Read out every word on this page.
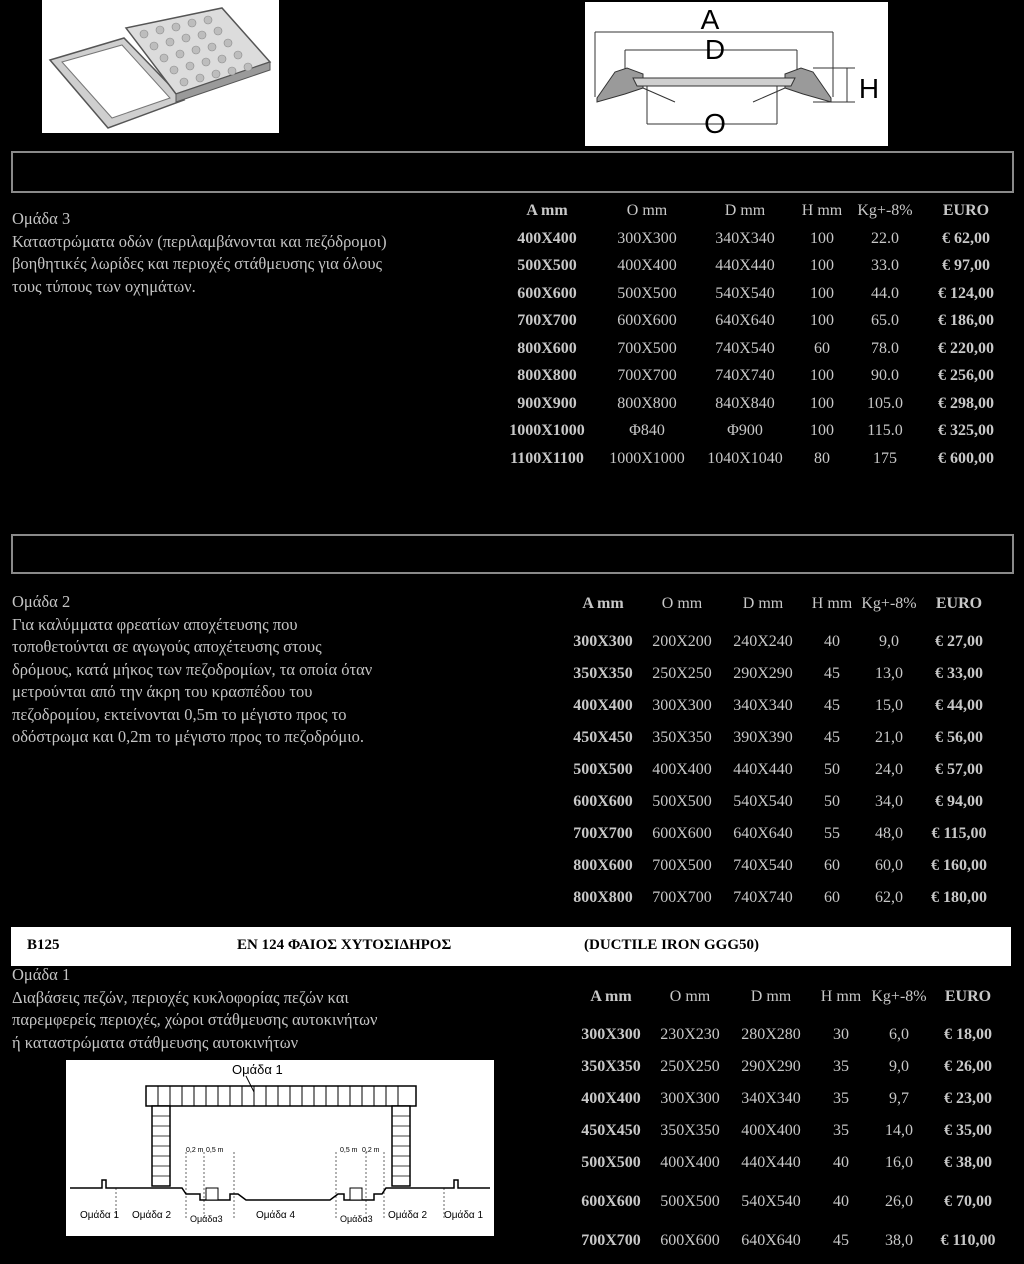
A
D
H
O
Ομάδα 3
Καταστρώματα οδών (περιλαμβάνονται και πεζόδρομοι)
βοηθητικές λωρίδες και περιοχές στάθμευσης για όλους
τους τύπους των οχημάτων.
A mm	O mm	D mm	H mm	Kg+-8%	EURO
400X400	300X300	340X340	100	22.0	€ 62,00
500X500	400X400	440X440	100	33.0	€ 97,00
600X600	500X500	540X540	100	44.0	€ 124,00
700X700	600X600	640X640	100	65.0	€ 186,00
800X600	700X500	740X540	60	78.0	€ 220,00
800X800	700X700	740X740	100	90.0	€ 256,00
900X900	800X800	840X840	100	105.0	€ 298,00
1000X1000	Φ840	Φ900	100	115.0	€ 325,00
1100X1100	1000X1000	1040X1040	80	175	€ 600,00
Ομάδα 2
Για καλύμματα φρεατίων αποχέτευσης που
τοποθετούνται σε αγωγούς αποχέτευσης στους
δρόμους, κατά μήκος των πεζοδρομίων, τα οποία όταν
μετρούνται από την άκρη του κρασπέδου του
πεζοδρομίου, εκτείνονται 0,5m το μέγιστο προς το
οδόστρωμα και 0,2m το μέγιστο προς το πεζοδρόμιο.
A mm	O mm	D mm	H mm	Kg+-8%	EURO
300X300	200X200	240X240	40	9,0	€ 27,00
350X350	250X250	290X290	45	13,0	€ 33,00
400X400	300X300	340X340	45	15,0	€ 44,00
450X450	350X350	390X390	45	21,0	€ 56,00
500X500	400X400	440X440	50	24,0	€ 57,00
600X600	500X500	540X540	50	34,0	€ 94,00
700X700	600X600	640X640	55	48,0	€ 115,00
800X600	700X500	740X540	60	60,0	€ 160,00
800X800	700X700	740X740	60	62,0	€ 180,00
B125	EN 124 ΦΑΙΟΣ ΧΥΤΟΣΙΔΗΡΟΣ	(DUCTILE IRON GGG50)
Ομάδα 1
Διαβάσεις πεζών, περιοχές κυκλοφορίας πεζών και
παρεμφερείς περιοχές, χώροι στάθμευσης αυτοκινήτων
ή καταστρώματα στάθμευσης αυτοκινήτων
Ομάδα 1
0,2 m 0,5 m	0,5 m 0,2 m
Ομάδα 1 Ομάδα 2 Ομάδα3	Ομάδα 4	Ομάδα3 Ομάδα 2 Ομάδα 1
A mm	O mm	D mm	H mm	Kg+-8%	EURO
300X300	230X230	280X280	30	6,0	€ 18,00
350X350	250X250	290X290	35	9,0	€ 26,00
400X400	300X300	340X340	35	9,7	€ 23,00
450X450	350X350	400X400	35	14,0	€ 35,00
500X500	400X400	440X440	40	16,0	€ 38,00
600X600	500X500	540X540	40	26,0	€ 70,00
700X700	600X600	640X640	45	38,0	€ 110,00
